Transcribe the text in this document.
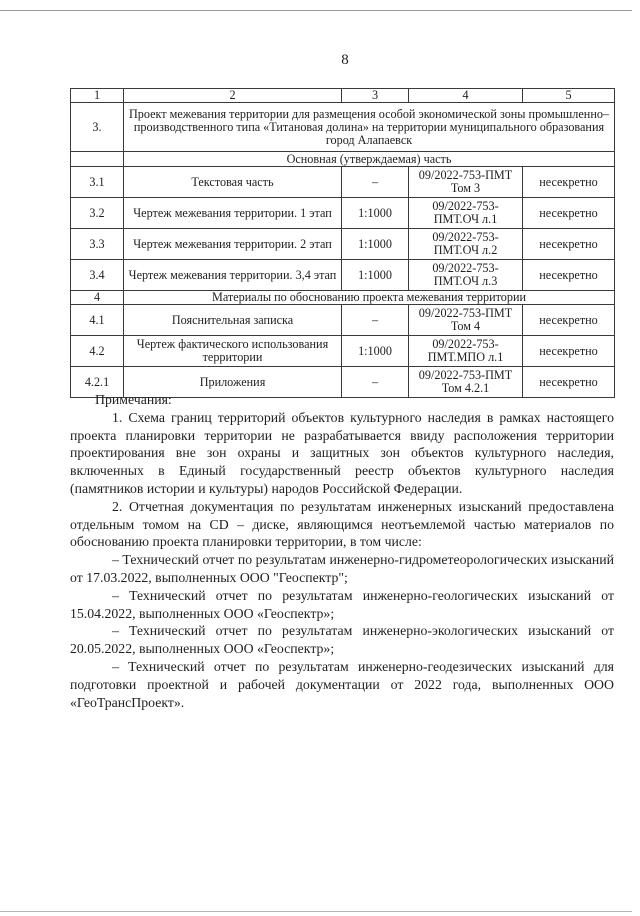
8
1	2	3	4	5
3.	Проект межевания территории для размещения особой экономической зоны промышленно–производственного типа «Титановая долина» на территории муниципального образования город Алапаевск			
	Основная (утверждаемая) часть			
3.1	Текстовая часть	–	09/2022-753-ПМТ Том 3	несекретно
3.2	Чертеж межевания территории. 1 этап	1:1000	09/2022-753-ПМТ.ОЧ л.1	несекретно
3.3	Чертеж межевания территории. 2 этап	1:1000	09/2022-753-ПМТ.ОЧ л.2	несекретно
3.4	Чертеж межевания территории. 3,4 этап	1:1000	09/2022-753-ПМТ.ОЧ л.3	несекретно
4	Материалы по обоснованию проекта межевания территории			
4.1	Пояснительная записка	–	09/2022-753-ПМТ Том 4	несекретно
4.2	Чертеж фактического использования территории	1:1000	09/2022-753-ПМТ.МПО л.1	несекретно
4.2.1	Приложения	–	09/2022-753-ПМТ Том 4.2.1	несекретно

Примечания:

1. Схема границ территорий объектов культурного наследия в рамках настоящего проекта планировки территории не разрабатывается ввиду расположения территории проектирования вне зон охраны и защитных зон объектов культурного наследия, включенных в Единый государственный реестр объектов культурного наследия (памятников истории и культуры) народов Российской Федерации.

2. Отчетная документация по результатам инженерных изысканий предоставлена отдельным томом на CD – диске, являющимся неотъемлемой частью материалов по обоснованию проекта планировки территории, в том числе:

– Технический отчет по результатам инженерно-гидрометеорологических изысканий от 17.03.2022, выполненных ООО "Геоспектр";

– Технический отчет по результатам инженерно-геологических изысканий от 15.04.2022, выполненных ООО «Геоспектр»;

– Технический отчет по результатам инженерно-экологических изысканий от 20.05.2022, выполненных ООО «Геоспектр»;

– Технический отчет по результатам инженерно-геодезических изысканий для подготовки проектной и рабочей документации от 2022 года, выполненных ООО «ГеоТрансПроект».
